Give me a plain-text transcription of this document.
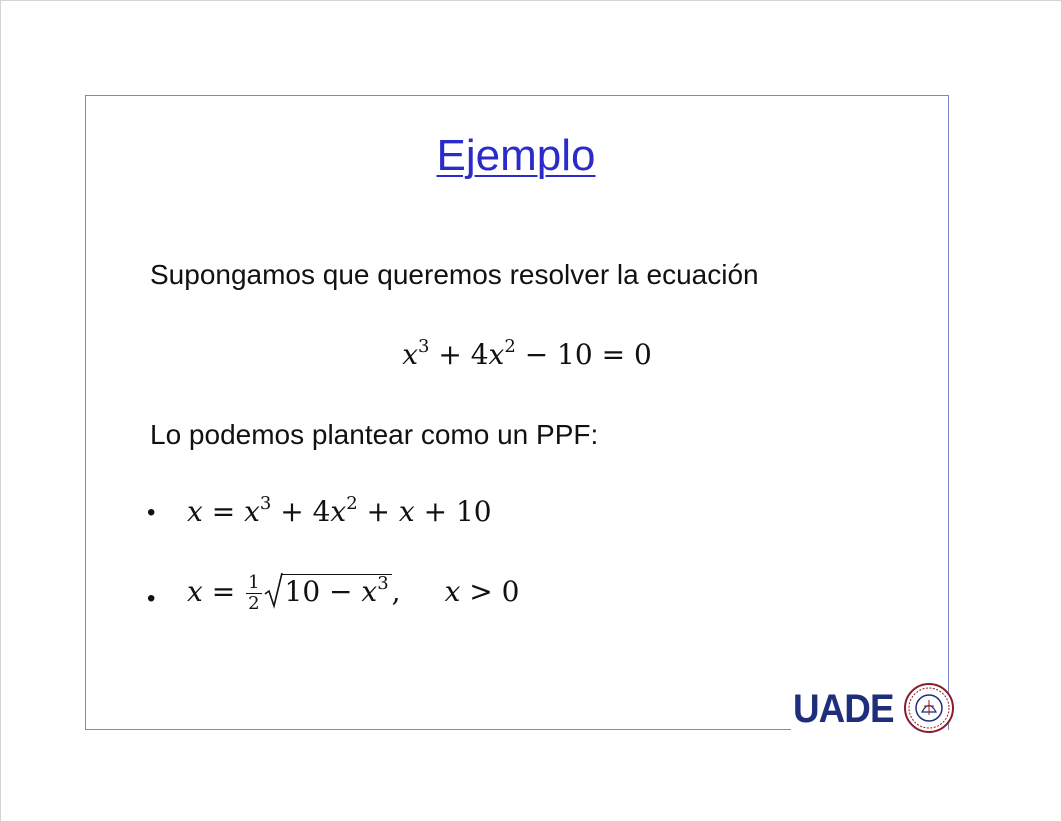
Ejemplo
Supongamos que queremos resolver la ecuación
$x^3 + 4x^2 - 10 = 0$
Lo podemos plantear como un PPF:
• $x = x^3 + 4x^2 + x + 10$
• $x = \frac{1}{2} 10 - x^3$ , x > 0
UADE
